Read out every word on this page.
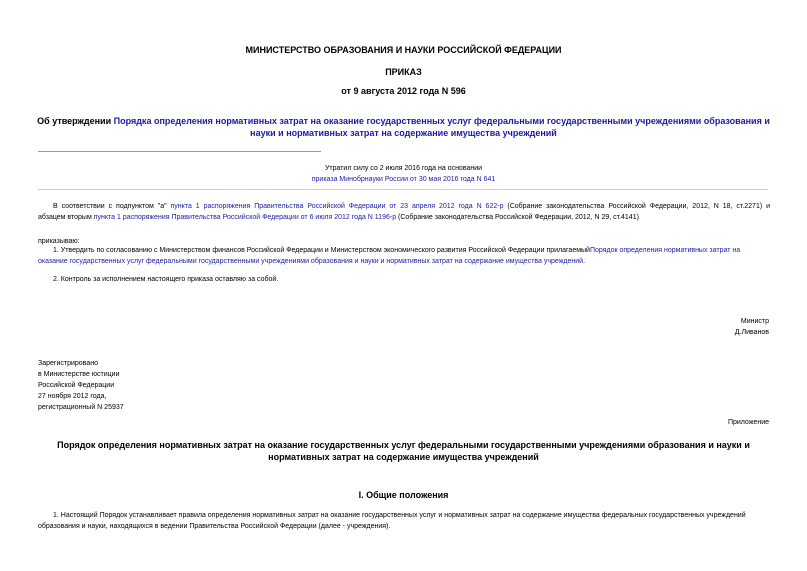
МИНИСТЕРСТВО ОБРАЗОВАНИЯ И НАУКИ РОССИЙСКОЙ ФЕДЕРАЦИИ
ПРИКАЗ
от 9 августа 2012 года N 596
Об утверждении Порядка определения нормативных затрат на оказание государственных услуг федеральными государственными учреждениями образования и
науки и нормативных затрат на содержание имущества учреждений
Утратил силу со 2 июля 2016 года на основании
приказа Минобрнауки России от 30 мая 2016 года N 641
В соответствии с подпунктом "а" пункта 1 распоряжения Правительства Российской Федерации от 23 апреля 2012 года N 622-р (Собрание законодательства Российской Федерации, 2012, N 18, ст.2271) и
абзацем вторым пункта 1 распоряжения Правительства Российской Федерации от 6 июля 2012 года N 1196-р (Собрание законодательства Российской Федерации, 2012, N 29, ст.4141)
приказываю:
1. Утвердить по согласованию с Министерством финансов Российской Федерации и Министерством экономического развития Российской Федерации прилагаемыйПорядок определения нормативных затрат на
оказание государственных услуг федеральными государственными учреждениями образования и науки и нормативных затрат на содержание имущества учреждений.
2. Контроль за исполнением настоящего приказа оставляю за собой.
Министр
Д.Ливанов
Зарегистрировано
в Министерстве юстиции
Российской Федерации
27 ноября 2012 года,
регистрационный N 25937
Приложение
Порядок определения нормативных затрат на оказание государственных услуг федеральными государственными учреждениями образования и науки и
нормативных затрат на содержание имущества учреждений
I. Общие положения
1. Настоящий Порядок устанавливает правила определения нормативных затрат на оказание государственных услуг и нормативных затрат на содержание имущества федеральных государственных учреждений
образования и науки, находящихся в ведении Правительства Российской Федерации (далее - учреждения).
